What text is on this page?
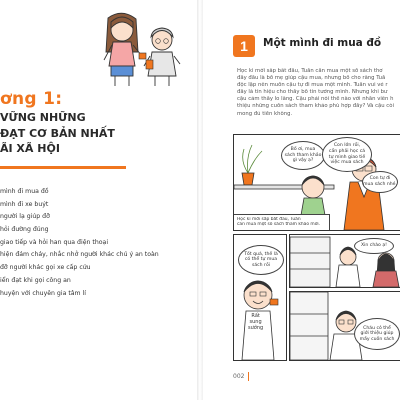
ơng 1:
VỮNG NHỮNG
ĐẠT CƠ BẢN NHẤT
ÃI XÃ HỘI
mình đi mua đồ
mình đi xe buýt
người lạ giúp đỡ
hỏi đường đúng
giao tiếp và hỏi han qua điện thoại
hiện đám cháy, nhắc nhở người khác chú ý an toàn
đỡ người khác gọi xe cấp cứu
iển đạt khi gọi công an
huyện với chuyên gia tâm lí
1	Một mình đi mua đồ
Học kì mới sắp bắt đầu, Tuấn cần mua một số sách thơ
đầy đầu là bố mẹ giúp cậu mua, nhưng bố cho rằng Tuấ
độc lập nên muốn cậu tự đi mua một mình. Tuấn vui vẻ r
đây là tín hiệu cho thấy bố tin tưởng mình. Nhưng khi bư
cậu cảm thấy lo lắng. Cậu phải nói thế nào với nhân viên h
thiệu những cuốn sách tham khảo phù hợp đây? Và cậu còi
mong đủ tiền không.
Bố ơi, mua
sách tham khảo
gì vậy ạ?
Con lớn rồi,
cần phải học cá
tự mình giao tiế
việc mua sách
Con tự đi
mua sách nhé.
Học kì mới sắp bắt đầu, Tuấn
cần mua một số sách tham khảo mới.
Tốt quá, thế là
có thể tự mua
sách rồi
Rất
sung
sướng
Xin chào ạ!
Cháu có thể
giới thiệu giúp
mấy cuốn sách
002
